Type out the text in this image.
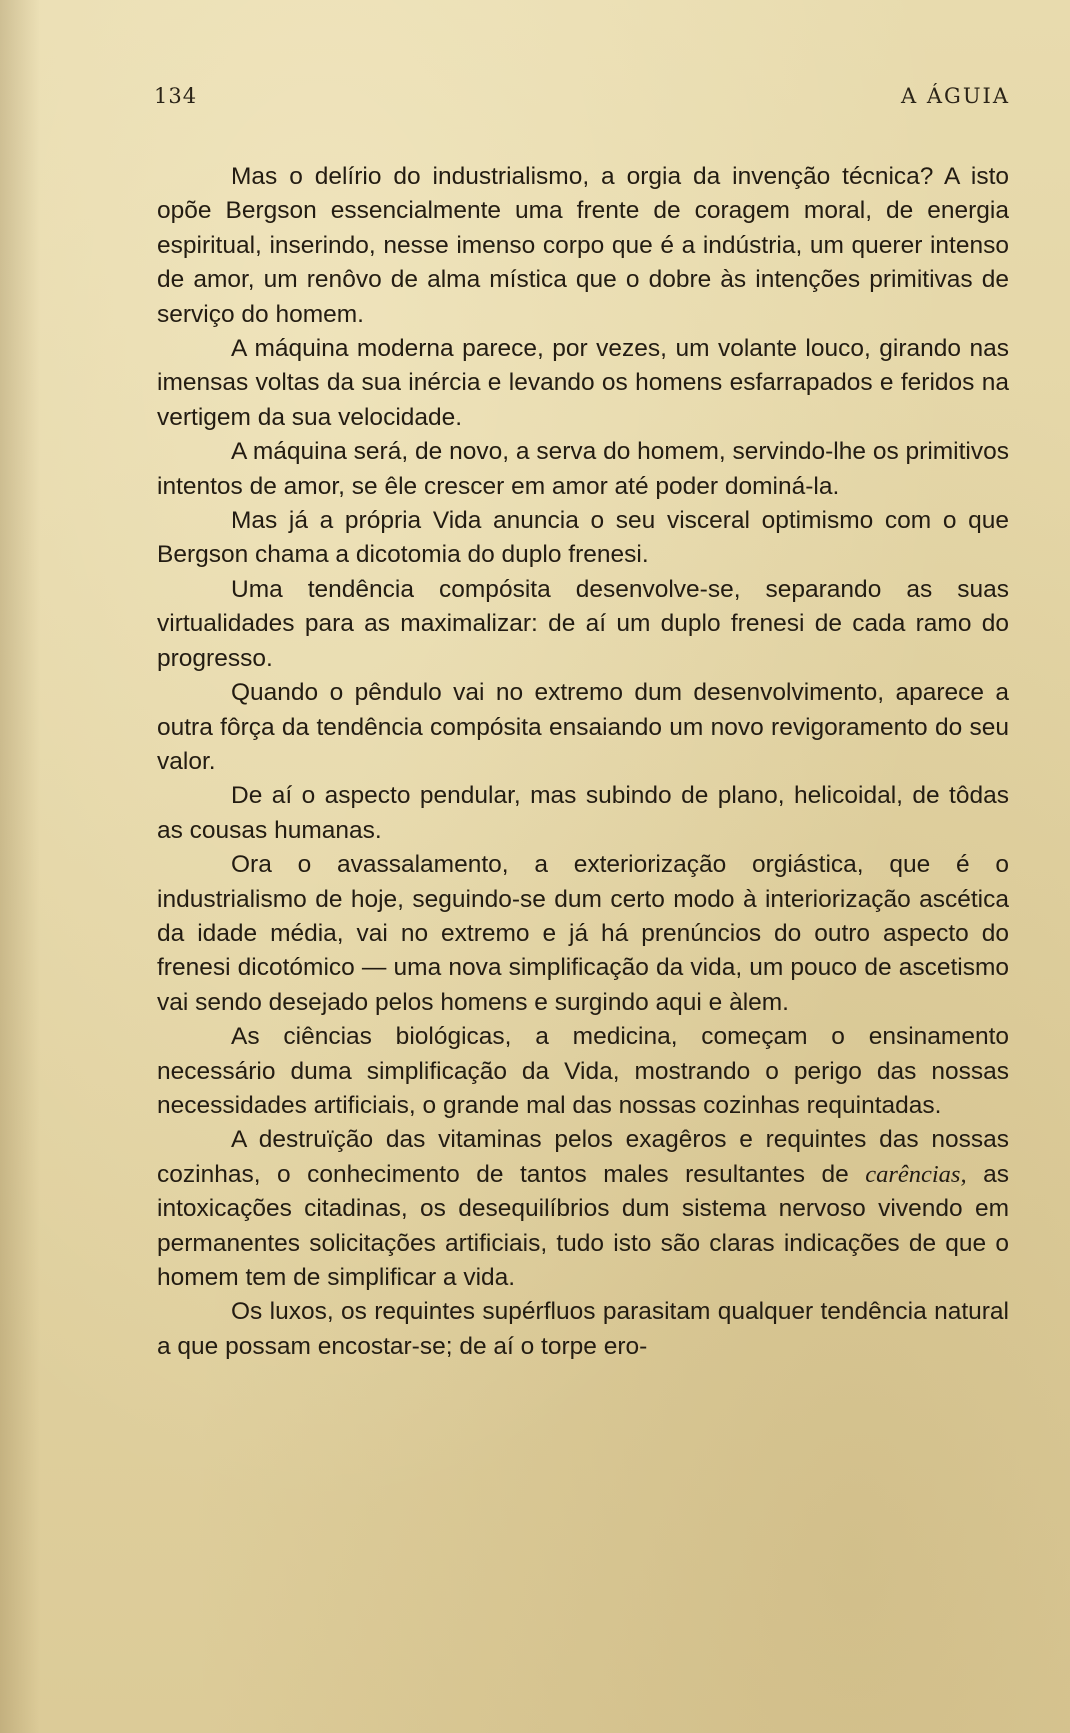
134	A ÁGUIA

Mas o delírio do industrialismo, a orgia da invenção técnica? A isto opõe Bergson essencialmente uma frente de coragem moral, de energia espiritual, inserindo, nesse imenso corpo que é a indústria, um querer intenso de amor, um renôvo de alma mística que o dobre às intenções primitivas de serviço do homem.

A máquina moderna parece, por vezes, um volante louco, girando nas imensas voltas da sua inércia e levando os homens esfarrapados e feridos na vertigem da sua velocidade.

A máquina será, de novo, a serva do homem, servindo-lhe os primitivos intentos de amor, se êle crescer em amor até poder dominá-la.

Mas já a própria Vida anuncia o seu visceral optimismo com o que Bergson chama a dicotomia do duplo frenesi.

Uma tendência compósita desenvolve-se, separando as suas virtualidades para as maximalizar: de aí um duplo frenesi de cada ramo do progresso.

Quando o pêndulo vai no extremo dum desenvolvimento, aparece a outra fôrça da tendência compósita ensaiando um novo revigoramento do seu valor.

De aí o aspecto pendular, mas subindo de plano, helicoidal, de tôdas as cousas humanas.

Ora o avassalamento, a exteriorização orgiástica, que é o industrialismo de hoje, seguindo-se dum certo modo à interiorização ascética da idade média, vai no extremo e já há prenúncios do outro aspecto do frenesi dicotómico — uma nova simplificação da vida, um pouco de ascetismo vai sendo desejado pelos homens e surgindo aqui e àlem.

As ciências biológicas, a medicina, começam o ensinamento necessário duma simplificação da Vida, mostrando o perigo das nossas necessidades artificiais, o grande mal das nossas cozinhas requintadas.

A destruïção das vitaminas pelos exagêros e requintes das nossas cozinhas, o conhecimento de tantos males resultantes de carências, as intoxicações citadinas, os desequilíbrios dum sistema nervoso vivendo em permanentes solicitações artificiais, tudo isto são claras indicações de que o homem tem de simplificar a vida.

Os luxos, os requintes supérfluos parasitam qualquer tendência natural a que possam encostar-se; de aí o torpe ero-
